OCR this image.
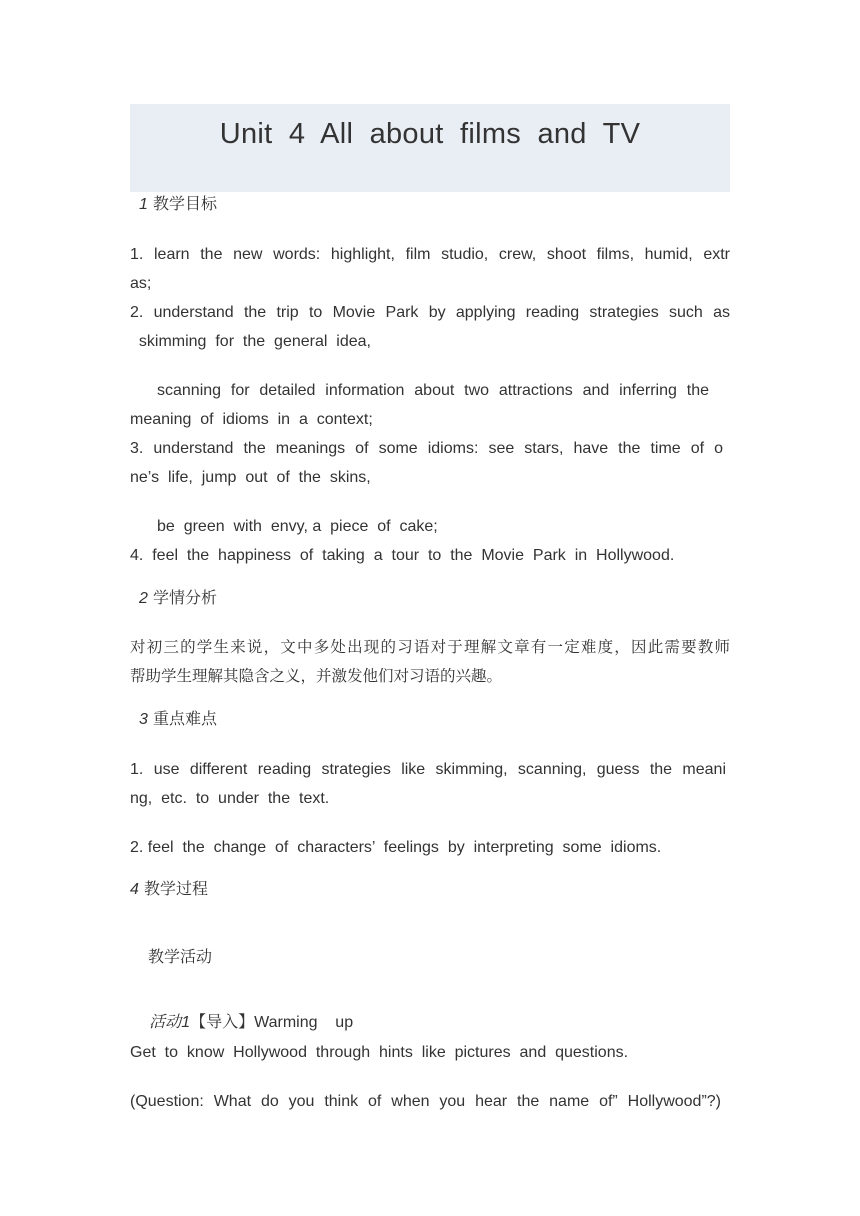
Unit 4 All about films and TV
1 教学目标
1. learn the new words: highlight, film studio, crew, shoot films, humid, extr
as;
2. understand the trip to Movie Park by applying reading strategies such as
skimming  for  the  general  idea,
scanning for detailed information about two attractions and inferring the
meaning  of  idioms  in  a  context;
3. understand the meanings of some idioms: see stars, have the time of o
ne’s  life,  jump  out  of  the  skins,
be  green  with  envy, a  piece  of  cake;
4.  feel  the  happiness  of  taking  a  tour  to  the  Movie  Park  in  Hollywood.
2 学情分析
对初三的学生来说，文中多处出现的习语对于理解文章有一定难度，因此需要教师
帮助学生理解其隐含之义，并激发他们对习语的兴趣。
3 重点难点
1. use different reading strategies like skimming, scanning, guess the meani
ng,  etc.  to  under  the  text.
2. feel  the  change  of  characters’  feelings  by  interpreting  some  idioms.
4 教学过程
教学活动

活动1【导入】Warming    up

Get  to  know  Hollywood  through  hints  like  pictures  and  questions.
(Question: What do you think of when you hear the name of” Hollywood”?)
